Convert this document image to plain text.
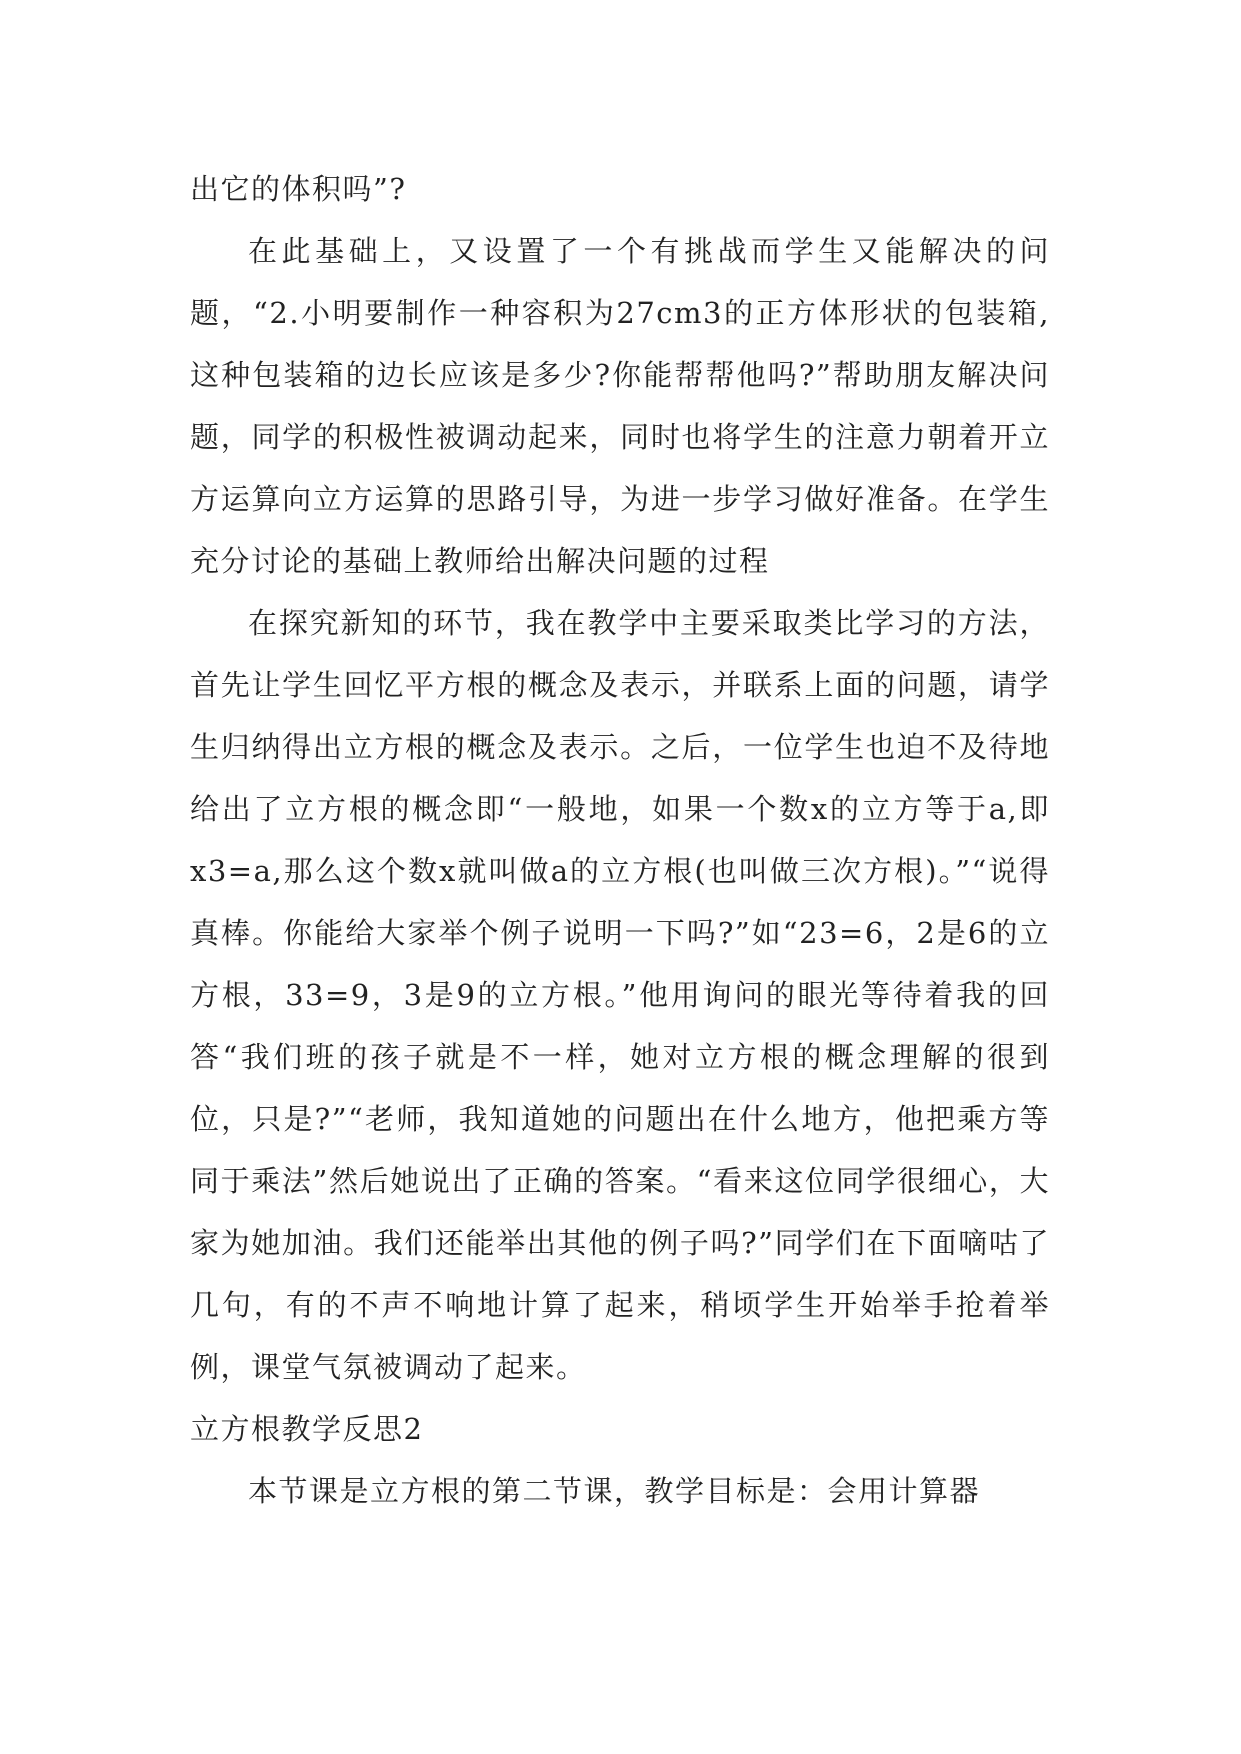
出它的体积吗”?

在此基础上，又设置了一个有挑战而学生又能解决的问题，“2.小明要制作一种容积为27cm3的正方体形状的包装箱,这种包装箱的边长应该是多少?你能帮帮他吗?”帮助朋友解决问题，同学的积极性被调动起来，同时也将学生的注意力朝着开立方运算向立方运算的思路引导，为进一步学习做好准备。在学生充分讨论的基础上教师给出解决问题的过程

在探究新知的环节，我在教学中主要采取类比学习的方法，首先让学生回忆平方根的概念及表示，并联系上面的问题，请学生归纳得出立方根的概念及表示。之后，一位学生也迫不及待地给出了立方根的概念即“一般地，如果一个数x的立方等于a,即x3=a,那么这个数x就叫做a的立方根(也叫做三次方根)。”“说得真棒。你能给大家举个例子说明一下吗?”如“23=6，2是6的立方根，33=9，3是9的立方根。”他用询问的眼光等待着我的回答“我们班的孩子就是不一样，她对立方根的概念理解的很到位，只是?”“老师，我知道她的问题出在什么地方，他把乘方等同于乘法”然后她说出了正确的答案。“看来这位同学很细心，大家为她加油。我们还能举出其他的例子吗?”同学们在下面嘀咕了几句，有的不声不响地计算了起来，稍顷学生开始举手抢着举例，课堂气氛被调动了起来。

立方根教学反思2

本节课是立方根的第二节课，教学目标是：会用计算器
